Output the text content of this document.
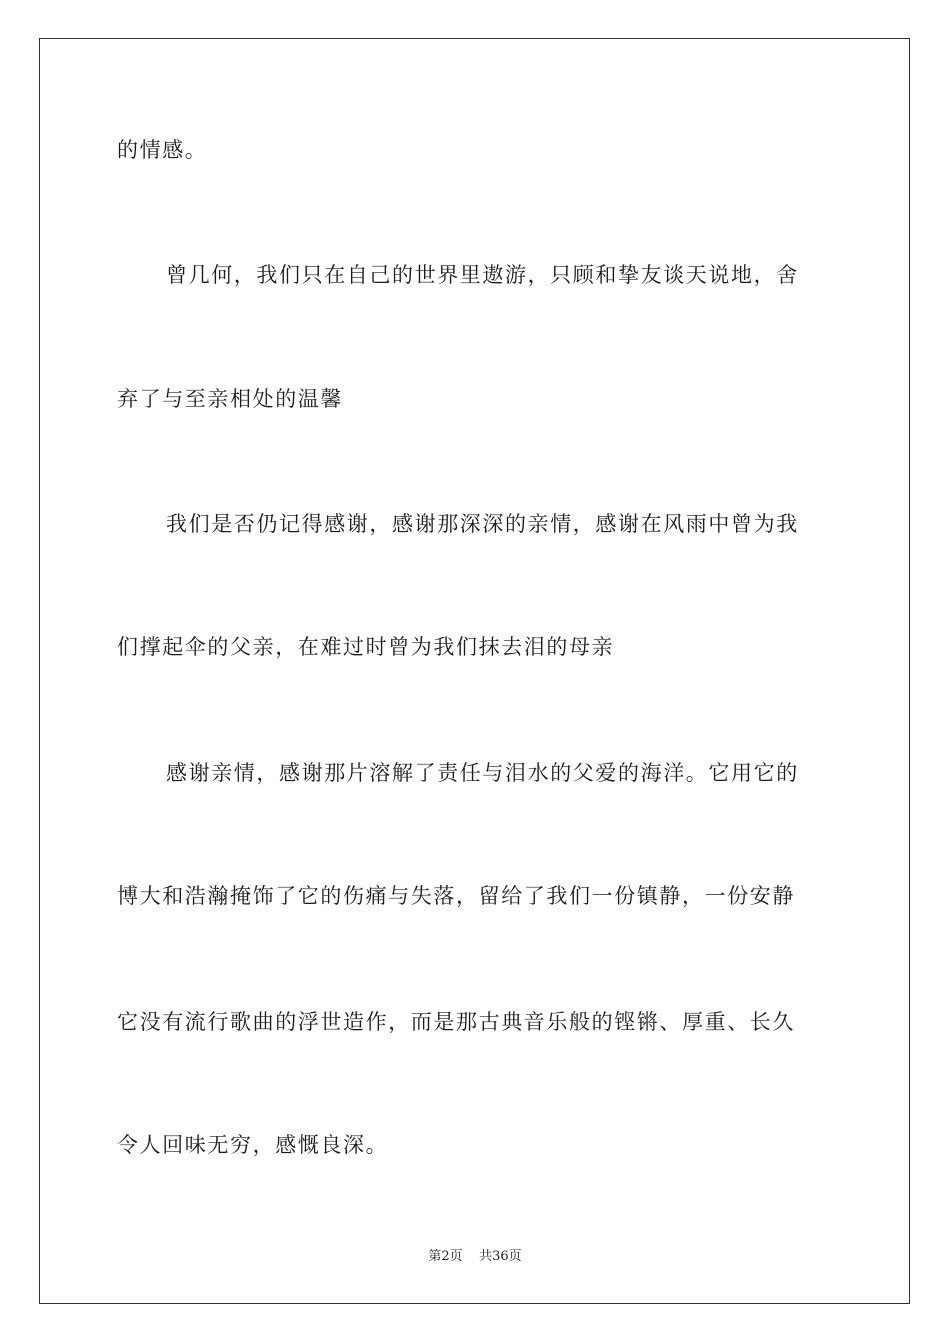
的情感。
曾几何，我们只在自己的世界里遨游，只顾和挚友谈天说地，舍
弃了与至亲相处的温馨
我们是否仍记得感谢，感谢那深深的亲情，感谢在风雨中曾为我
们撑起伞的父亲，在难过时曾为我们抹去泪的母亲
感谢亲情，感谢那片溶解了责任与泪水的父爱的海洋。它用它的
博大和浩瀚掩饰了它的伤痛与失落，留给了我们一份镇静，一份安静
它没有流行歌曲的浮世造作，而是那古典音乐般的铿锵、厚重、长久
令人回味无穷，感慨良深。
第2页 共36页
